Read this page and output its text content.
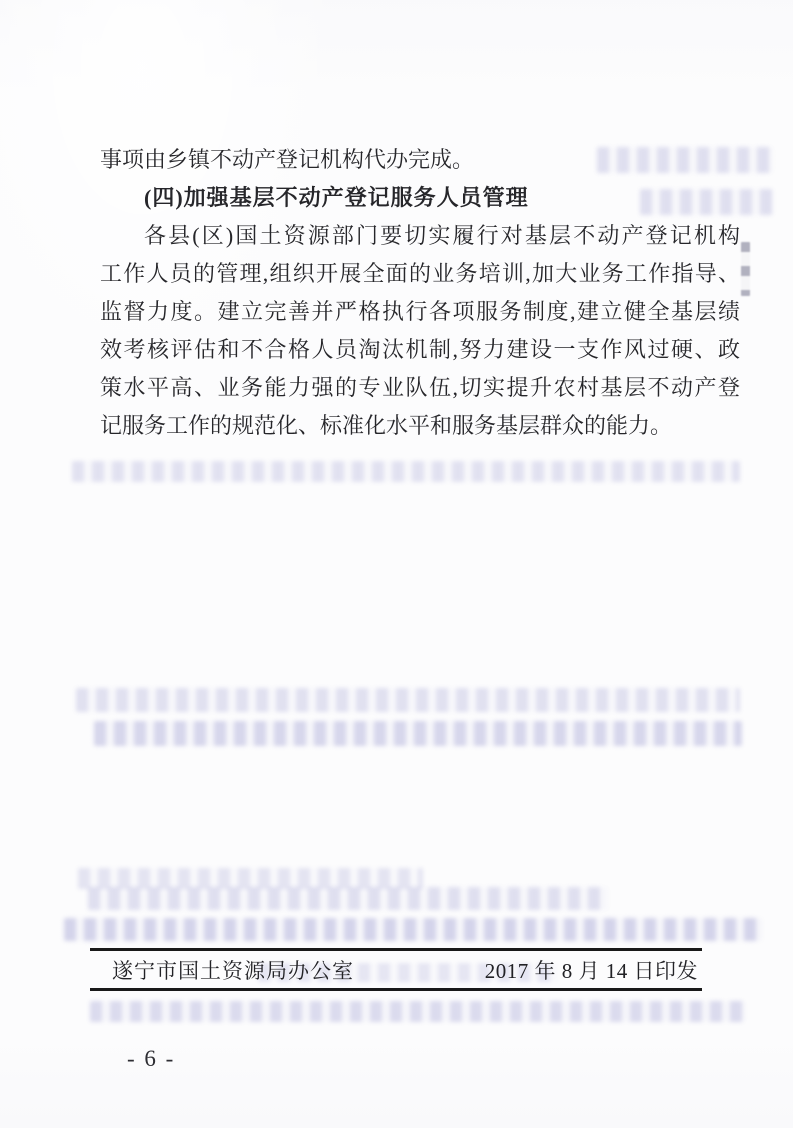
事项由乡镇不动产登记机构代办完成。
(四)加强基层不动产登记服务人员管理
各县(区)国土资源部门要切实履行对基层不动产登记机构
工作人员的管理,组织开展全面的业务培训,加大业务工作指导、
监督力度。建立完善并严格执行各项服务制度,建立健全基层绩
效考核评估和不合格人员淘汰机制,努力建设一支作风过硬、政
策水平高、业务能力强的专业队伍,切实提升农村基层不动产登
记服务工作的规范化、标准化水平和服务基层群众的能力。
遂宁市国土资源局办公室	2017 年 8 月 14 日印发
- 6 -
